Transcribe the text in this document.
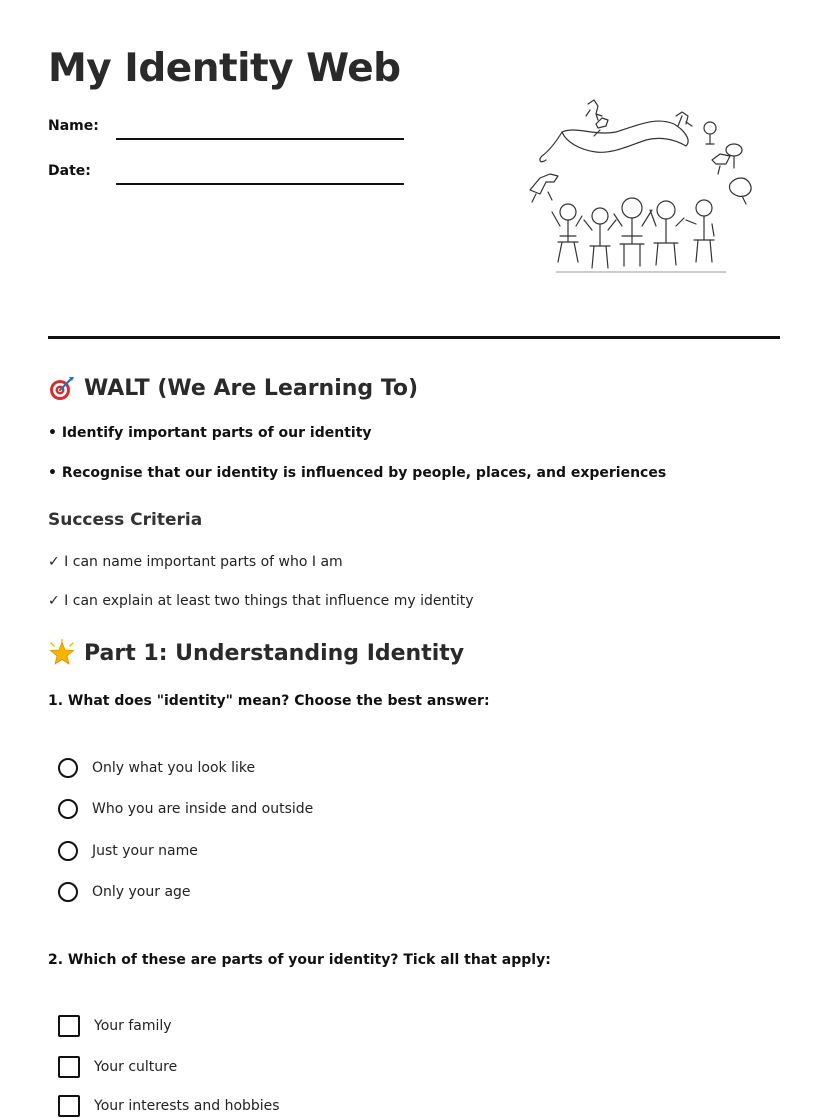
My Identity Web
Name:
Date:
WALT (We Are Learning To)
• Identify important parts of our identity
• Recognise that our identity is influenced by people, places, and experiences
Success Criteria
✓ I can name important parts of who I am
✓ I can explain at least two things that influence my identity
Part 1: Understanding Identity
1. What does "identity" mean? Choose the best answer:
Only what you look like
Who you are inside and outside
Just your name
Only your age
2. Which of these are parts of your identity? Tick all that apply:
Your family
Your culture
Your interests and hobbies
